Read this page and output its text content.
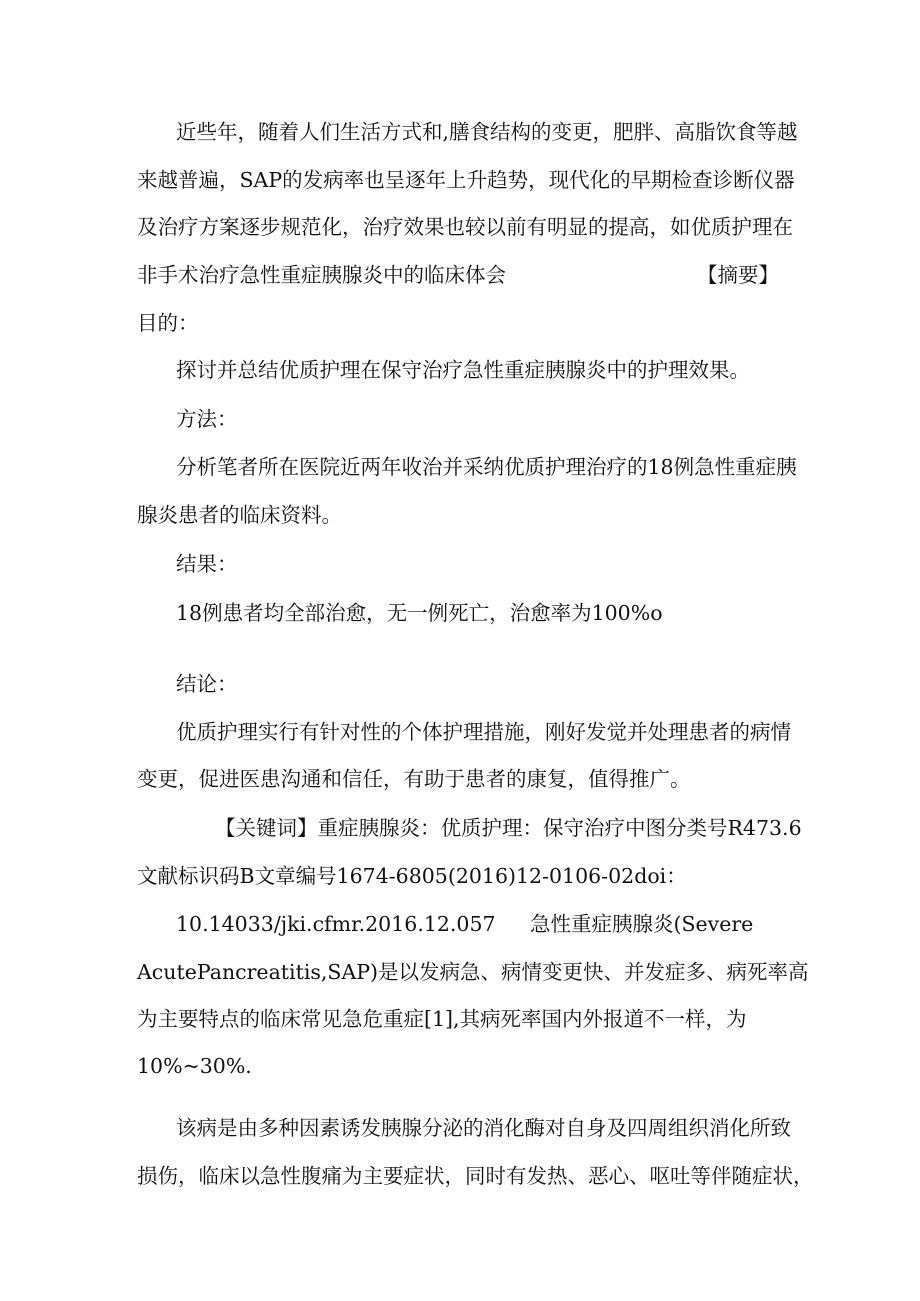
近些年，随着人们生活方式和,膳食结构的变更，肥胖、高脂饮食等越
来越普遍，SAP的发病率也呈逐年上升趋势，现代化的早期检查诊断仪器
及治疗方案逐步规范化，治疗效果也较以前有明显的提高，如优质护理在
非手术治疗急性重症胰腺炎中的临床体会	【摘要】
目的：
探讨并总结优质护理在保守治疗急性重症胰腺炎中的护理效果。
方法：
分析笔者所在医院近两年收治并采纳优质护理治疗的18例急性重症胰
腺炎患者的临床资料。
结果：
18例患者均全部治愈，无一例死亡，治愈率为100%o
结论：
优质护理实行有针对性的个体护理措施，刚好发觉并处理患者的病情
变更，促进医患沟通和信任，有助于患者的康复，值得推广。
【关键词】重症胰腺炎：优质护理：保守治疗中图分类号R473.6
文献标识码B文章编号1674-6805(2016)12-0106-02doi：
10.14033/jki.cfmr.2016.12.057 急性重症胰腺炎(Severe
AcutePancreatitis,SAP)是以发病急、病情变更快、并发症多、病死率高
为主要特点的临床常见急危重症[1],其病死率国内外报道不一样，为
10%~30%.
该病是由多种因素诱发胰腺分泌的消化酶对自身及四周组织消化所致
损伤，临床以急性腹痛为主要症状，同时有发热、恶心、呕吐等伴随症状，
